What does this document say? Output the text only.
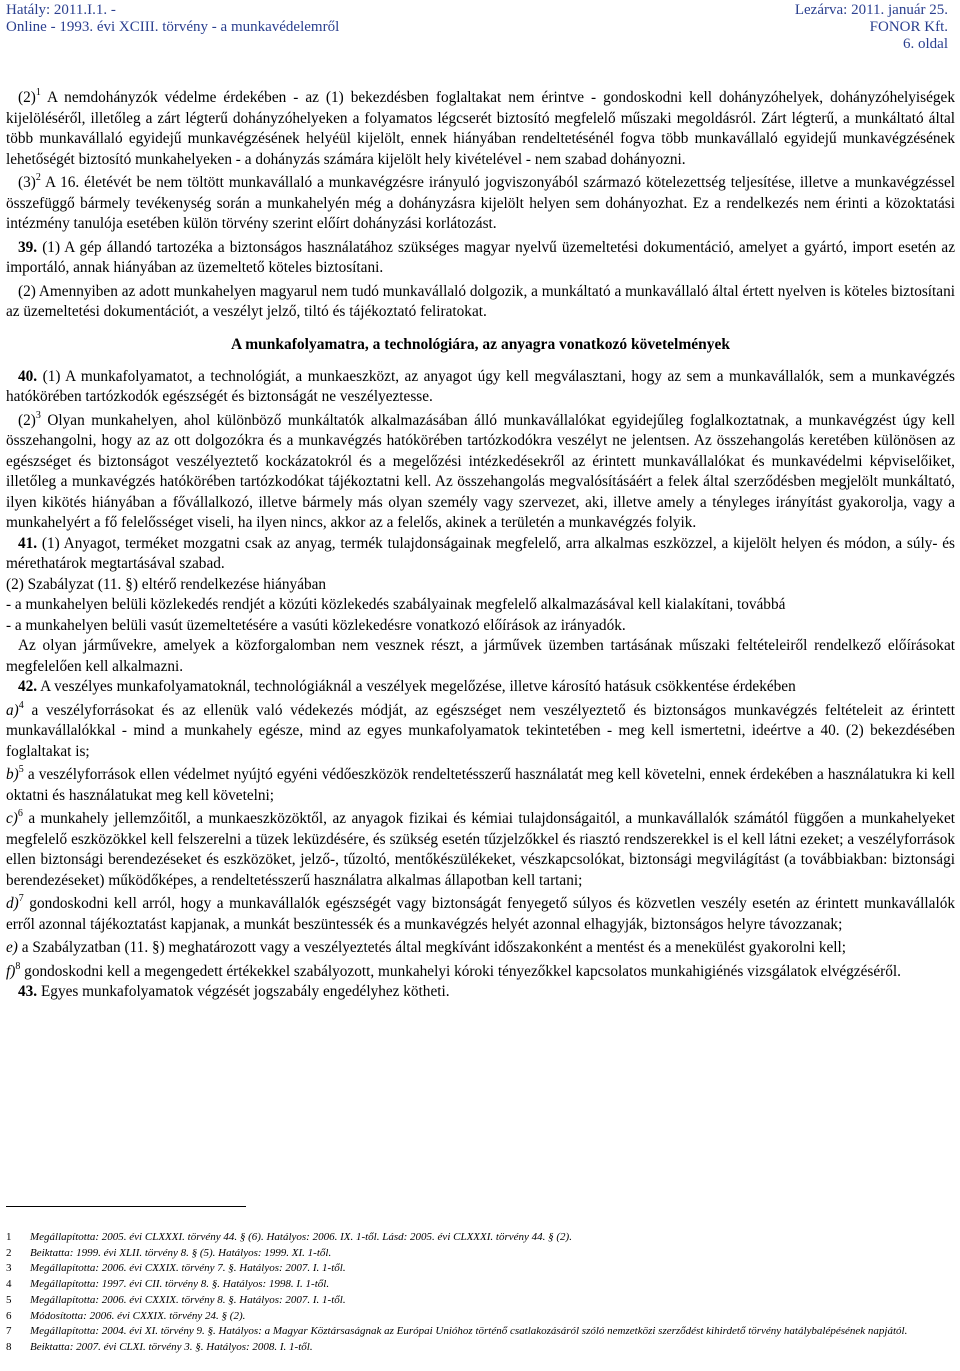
Hatály: 2011.I.1. -
Online - 1993. évi XCIII. törvény - a munkavédelemről
Lezárva: 2011. január 25.
FONOR Kft.
6. oldal

$(2)^1$ A nemdohányzók védelme érdekében - az (1) bekezdésben foglaltakat nem érintve - gondoskodni kell dohányzóhelyek, dohányzóhelyiségek kijelöléséről, illetőleg a zárt légterű dohányzóhelyeken a folyamatos légcserét biztosító megfelelő műszaki megoldásról. Zárt légterű, a munkáltató által több munkavállaló egyidejű munkavégzésének helyéül kijelölt, ennek hiányában rendeltetésénél fogva több munkavállaló egyidejű munkavégzésének lehetőségét biztosító munkahelyeken - a dohányzás számára kijelölt hely kivételével - nem szabad dohányozni.

$(3)^2$ A 16. életévét be nem töltött munkavállaló a munkavégzésre irányuló jogviszonyából származó kötelezettség teljesítése, illetve a munkavégzéssel összefüggő bármely tevékenység során a munkahelyén még a dohányzásra kijelölt helyen sem dohányozhat. Ez a rendelkezés nem érinti a közoktatási intézmény tanulója esetében külön törvény szerint előírt dohányzási korlátozást.

39. (1) A gép állandó tartozéka a biztonságos használatához szükséges magyar nyelvű üzemeltetési dokumentáció, amelyet a gyártó, import esetén az importáló, annak hiányában az üzemeltető köteles biztosítani.

(2) Amennyiben az adott munkahelyen magyarul nem tudó munkavállaló dolgozik, a munkáltató a munkavállaló által értett nyelven is köteles biztosítani az üzemeltetési dokumentációt, a veszélyt jelző, tiltó és tájékoztató feliratokat.

A munkafolyamatra, a technológiára, az anyagra vonatkozó követelmények

40. (1) A munkafolyamatot, a technológiát, a munkaeszközt, az anyagot úgy kell megválasztani, hogy az sem a munkavállalók, sem a munkavégzés hatókörében tartózkodók egészségét és biztonságát ne veszélyeztesse.

$(2)^3$ Olyan munkahelyen, ahol különböző munkáltatók alkalmazásában álló munkavállalókat egyidejűleg foglalkoztatnak, a munkavégzést úgy kell összehangolni, hogy az az ott dolgozókra és a munkavégzés hatókörében tartózkodókra veszélyt ne jelentsen. Az összehangolás keretében különösen az egészséget és biztonságot veszélyeztető kockázatokról és a megelőzési intézkedésekről az érintett munkavállalókat és munkavédelmi képviselőiket, illetőleg a munkavégzés hatókörében tartózkodókat tájékoztatni kell. Az összehangolás megvalósításáért a felek által szerződésben megjelölt munkáltató, ilyen kikötés hiányában a fővállalkozó, illetve bármely más olyan személy vagy szervezet, aki, illetve amely a tényleges irányítást gyakorolja, vagy a munkahelyért a fő felelősséget viseli, ha ilyen nincs, akkor az a felelős, akinek a területén a munkavégzés folyik.

41. (1) Anyagot, terméket mozgatni csak az anyag, termék tulajdonságainak megfelelő, arra alkalmas eszközzel, a kijelölt helyen és módon, a súly- és mérethatárok megtartásával szabad.

(2) Szabályzat (11. §) eltérő rendelkezése hiányában

- a munkahelyen belüli közlekedés rendjét a közúti közlekedés szabályainak megfelelő alkalmazásával kell kialakítani, továbbá

- a munkahelyen belüli vasút üzemeltetésére a vasúti közlekedésre vonatkozó előírások az irányadók.

Az olyan járművekre, amelyek a közforgalomban nem vesznek részt, a járművek üzemben tartásának műszaki feltételeiről rendelkező előírásokat megfelelően kell alkalmazni.

42. A veszélyes munkafolyamatoknál, technológiáknál a veszélyek megelőzése, illetve károsító hatásuk csökkentése érdekében

a)$^4$ a veszélyforrásokat és az ellenük való védekezés módját, az egészséget nem veszélyeztető és biztonságos munkavégzés feltételeit az érintett munkavállalókkal - mind a munkahely egésze, mind az egyes munkafolyamatok tekintetében - meg kell ismertetni, ideértve a 40. (2) bekezdésében foglaltakat is;

b)$^5$ a veszélyforrások ellen védelmet nyújtó egyéni védőeszközök rendeltetésszerű használatát meg kell követelni, ennek érdekében a használatukra ki kell oktatni és használatukat meg kell követelni;

c)$^6$ a munkahely jellemzőitől, a munkaeszközöktől, az anyagok fizikai és kémiai tulajdonságaitól, a munkavállalók számától függően a munkahelyeket megfelelő eszközökkel kell felszerelni a tüzek leküzdésére, és szükség esetén tűzjelzőkkel és riasztó rendszerekkel is el kell látni ezeket; a veszélyforrások ellen biztonsági berendezéseket és eszközöket, jelző-, tűzoltó, mentőkészülékeket, vészkapcsolókat, biztonsági megvilágítást (a továbbiakban: biztonsági berendezéseket) működőképes, a rendeltetésszerű használatra alkalmas állapotban kell tartani;

d)$^7$ gondoskodni kell arról, hogy a munkavállalók egészségét vagy biztonságát fenyegető súlyos és közvetlen veszély esetén az érintett munkavállalók erről azonnal tájékoztatást kapjanak, a munkát beszüntessék és a munkavégzés helyét azonnal elhagyják, biztonságos helyre távozzanak;

e) a Szabályzatban (11. §) meghatározott vagy a veszélyeztetés által megkívánt időszakonként a mentést és a menekülést gyakorolni kell;

f)$^8$ gondoskodni kell a megengedett értékekkel szabályozott, munkahelyi kóroki tényezőkkel kapcsolatos munkahigiénés vizsgálatok elvégzéséről.

43. Egyes munkafolyamatok végzését jogszabály engedélyhez kötheti.

1 Megállapította: 2005. évi CLXXXI. törvény 44. § (6). Hatályos: 2006. IX. 1-től. Lásd: 2005. évi CLXXXI. törvény 44. § (2).
2 Beiktatta: 1999. évi XLII. törvény 8. § (5). Hatályos: 1999. XI. 1-től.
3 Megállapította: 2006. évi CXXIX. törvény 7. §. Hatályos: 2007. I. 1-től.
4 Megállapította: 1997. évi CII. törvény 8. §. Hatályos: 1998. I. 1-től.
5 Megállapította: 2006. évi CXXIX. törvény 8. §. Hatályos: 2007. I. 1-től.
6 Módosította: 2006. évi CXXIX. törvény 24. § (2).
7 Megállapította: 2004. évi XI. törvény 9. §. Hatályos: a Magyar Köztársaságnak az Európai Unióhoz történő csatlakozásáról szóló nemzetközi szerződést kihirdető törvény hatálybalépésének napjától.
8 Beiktatta: 2007. évi CLXI. törvény 3. §. Hatályos: 2008. I. 1-től.
